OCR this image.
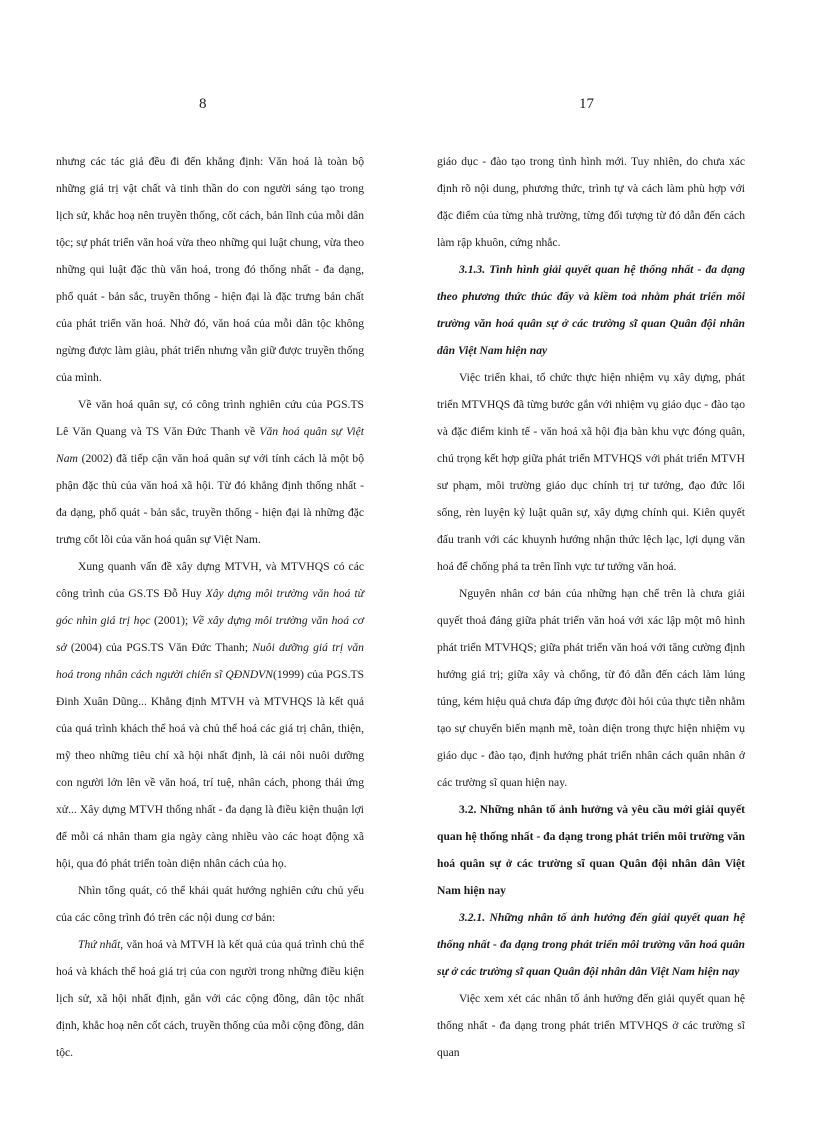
8	17

nhưng các tác giả đều đi đến khẳng định: Văn hoá là toàn bộ những giá trị vật chất và tinh thần do con người sáng tạo trong lịch sử, khắc hoạ nên truyền thống, cốt cách, bản lĩnh của mỗi dân tộc; sự phát triển văn hoá vừa theo những qui luật chung, vừa theo những qui luật đặc thù văn hoá, trong đó thống nhất - đa dạng, phổ quát - bản sắc, truyền thống - hiện đại là đặc trưng bản chất của phát triển văn hoá. Nhờ đó, văn hoá của mỗi dân tộc không ngừng được làm giàu, phát triển nhưng vẫn giữ được truyền thống của mình.

Về văn hoá quân sự, có công trình nghiên cứu của PGS.TS Lê Văn Quang và TS Văn Đức Thanh về Văn hoá quân sự Việt Nam (2002) đã tiếp cận văn hoá quân sự với tính cách là một bộ phận đặc thù của văn hoá xã hội. Từ đó khẳng định thống nhất - đa dạng, phổ quát - bản sắc, truyền thống - hiện đại là những đặc trưng cốt lõi của văn hoá quân sự Việt Nam.

Xung quanh vấn đề xây dựng MTVH, và MTVHQS có các công trình của GS.TS Đỗ Huy Xây dựng môi trường văn hoá từ góc nhìn giá trị học (2001); Về xây dựng môi trường văn hoá cơ sở (2004) của PGS.TS Văn Đức Thanh; Nuôi dưỡng giá trị văn hoá trong nhân cách người chiến sĩ QĐNDVN(1999) của PGS.TS Đinh Xuân Dũng... Khẳng định MTVH và MTVHQS là kết quả của quá trình khách thể hoá và chủ thể hoá các giá trị chân, thiện, mỹ theo những tiêu chí xã hội nhất định, là cái nôi nuôi dưỡng con người lớn lên về văn hoá, trí tuệ, nhân cách, phong thái ứng xử... Xây dựng MTVH thống nhất - đa dạng là điều kiện thuận lợi để mỗi cá nhân tham gia ngày càng nhiều vào các hoạt động xã hội, qua đó phát triển toàn diện nhân cách của họ.

Nhìn tổng quát, có thể khái quát hướng nghiên cứu chủ yếu của các công trình đó trên các nội dung cơ bản:

Thứ nhất, văn hoá và MTVH là kết quả của quá trình chủ thể hoá và khách thể hoá giá trị của con người trong những điều kiện lịch sử, xã hội nhất định, gắn với các cộng đồng, dân tộc nhất định, khắc hoạ nên cốt cách, truyền thống của mỗi cộng đồng, dân tộc.

giáo dục - đào tạo trong tình hình mới. Tuy nhiên, do chưa xác định rõ nội dung, phương thức, trình tự và cách làm phù hợp với đặc điểm của từng nhà trường, từng đối tượng từ đó dẫn đến cách làm rập khuôn, cứng nhắc.

3.1.3. Tình hình giải quyết quan hệ thống nhất - đa dạng theo phương thức thúc đẩy và kiềm toả nhằm phát triển môi trường văn hoá quân sự ở các trường sĩ quan Quân đội nhân dân Việt Nam hiện nay

Việc triển khai, tổ chức thực hiện nhiệm vụ xây dựng, phát triển MTVHQS đã từng bước gắn với nhiệm vụ giáo dục - đào tạo và đặc điểm kinh tế - văn hoá xã hội địa bàn khu vực đóng quân, chú trọng kết hợp giữa phát triển MTVHQS với phát triển MTVH sư phạm, môi trường giáo dục chính trị tư tưởng, đạo đức lối sống, rèn luyện kỷ luật quân sự, xây dựng chính qui. Kiên quyết đấu tranh với các khuynh hướng nhận thức lệch lạc, lợi dụng văn hoá để chống phá ta trên lĩnh vực tư tưởng văn hoá.

Nguyên nhân cơ bản của những hạn chế trên là chưa giải quyết thoả đáng giữa phát triển văn hoá với xác lập một mô hình phát triển MTVHQS; giữa phát triển văn hoá với tăng cường định hướng giá trị; giữa xây và chống, từ đó dẫn đến cách làm lúng túng, kém hiệu quả chưa đáp ứng được đòi hỏi của thực tiễn nhằm tạo sự chuyển biến mạnh mẽ, toàn diện trong thực hiện nhiệm vụ giáo dục - đào tạo, định hướng phát triển nhân cách quân nhân ở các trường sĩ quan hiện nay.

3.2. Những nhân tố ảnh hưởng và yêu cầu mới giải quyết quan hệ thống nhất - đa dạng trong phát triển môi trường văn hoá quân sự ở các trường sĩ quan Quân đội nhân dân Việt Nam hiện nay

3.2.1. Những nhân tố ảnh hưởng đến giải quyết quan hệ thống nhất - đa dạng trong phát triển môi trường văn hoá quân sự ở các trường sĩ quan Quân đội nhân dân Việt Nam hiện nay

Việc xem xét các nhân tố ảnh hưởng đến giải quyết quan hệ thống nhất - đa dạng trong phát triển MTVHQS ở các trường sĩ quan
